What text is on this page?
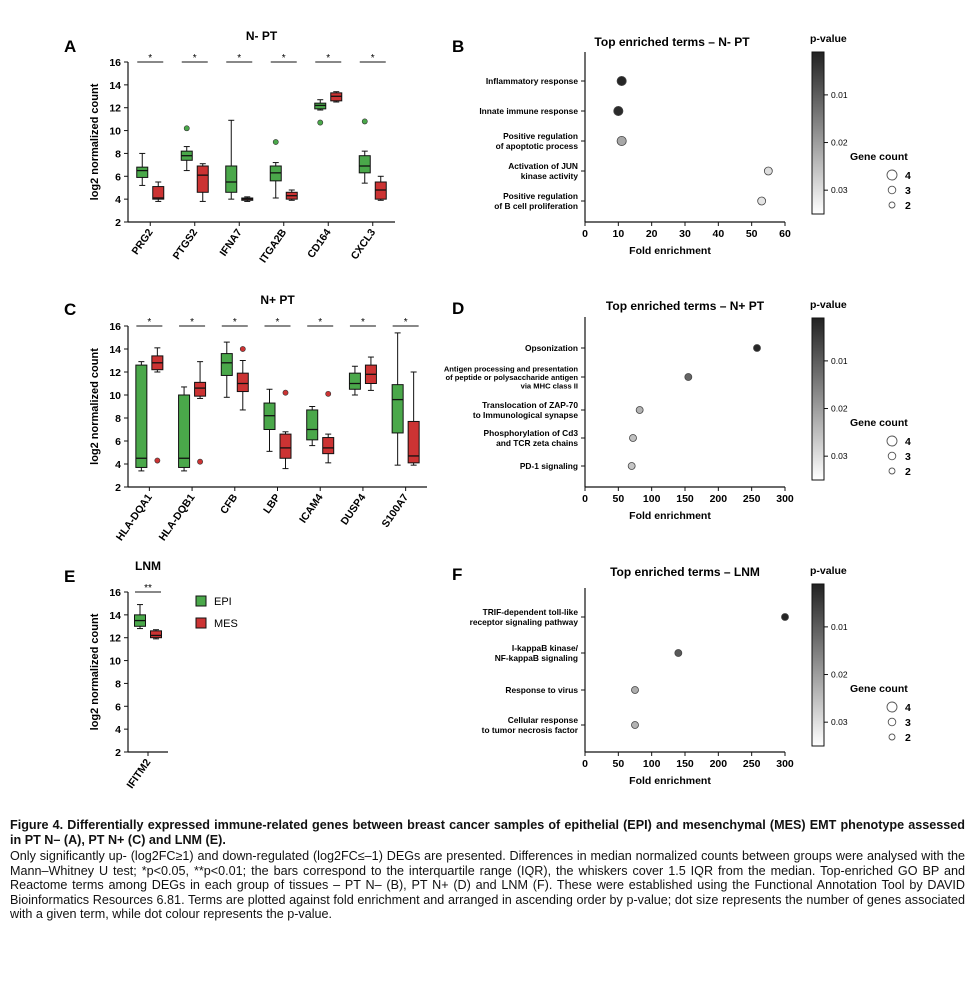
A
N- PT
2
4
6
8
10
12
14
16
log2 normalized count
PRG2
*
PTGS2
*
IFNA7
*
ITGA2B
*
CD164
*
CXCL3
*
B	Top enriched terms – N- PT
0 10 20 30 40 50 60
Fold enrichment
Inflammatory response
Innate immune response
Positive regulation of apoptotic process
Activation of JUN kinase activity
Positive regulation of B cell proliferation
p-value
0.01
0.02
0.03
Gene count
4
3
2
C	N+ PT
2
4
6
8
10
12
14
16
log2 normalized count
HLA-DQA1
*
HLA-DQB1
*
CFB
*
LBP
*
ICAM4
*
DUSP4
*
S100A7
*
D	Top enriched terms – N+ PT
0 50 100 150 200 250 300
Fold enrichment
Opsonization
Antigen processing and presentation of peptide or polysaccharide antigen via MHC class II
Translocation of ZAP-70 to Immunological synapse
Phosphorylation of Cd3 and TCR zeta chains
PD-1 signaling
p-value
0.01
0.02
0.03
Gene count
4
3
2
E
LNM
2
4
6
8
10
12
14
16
log2 normalized count
IFITM2
**
EPI
MES
F	Top enriched terms – LNM
0 50 100 150 200 250 300
Fold enrichment
TRIF-dependent toll-like receptor signaling pathway
I-kappaB kinase/ NF-kappaB signaling
Response to virus
Cellular response to tumor necrosis factor
p-value
0.01
0.02
0.03
Gene count
4
3
2
Figure 4. Differentially expressed immune-related genes between breast cancer samples of epithelial (EPI) and mesenchymal (MES) EMT phenotype assessed in PT N– (A), PT N+ (C) and LNM (E).
Only significantly up- (log2FC≥1) and down-regulated (log2FC≤–1) DEGs are presented. Differences in median normalized counts between groups were analysed with the Mann–Whitney U test; *p<0.05, **p<0.01; the bars correspond to the interquartile range (IQR), the whiskers cover 1.5 IQR from the median. Top-enriched GO BP and Reactome terms among DEGs in each group of tissues – PT N– (B), PT N+ (D) and LNM (F). These were established using the Functional Annotation Tool by DAVID Bioinformatics Resources 6.81. Terms are plotted against fold enrichment and arranged in ascending order by p-value; dot size represents the number of genes associated with a given term, while dot colour represents the p-value.
